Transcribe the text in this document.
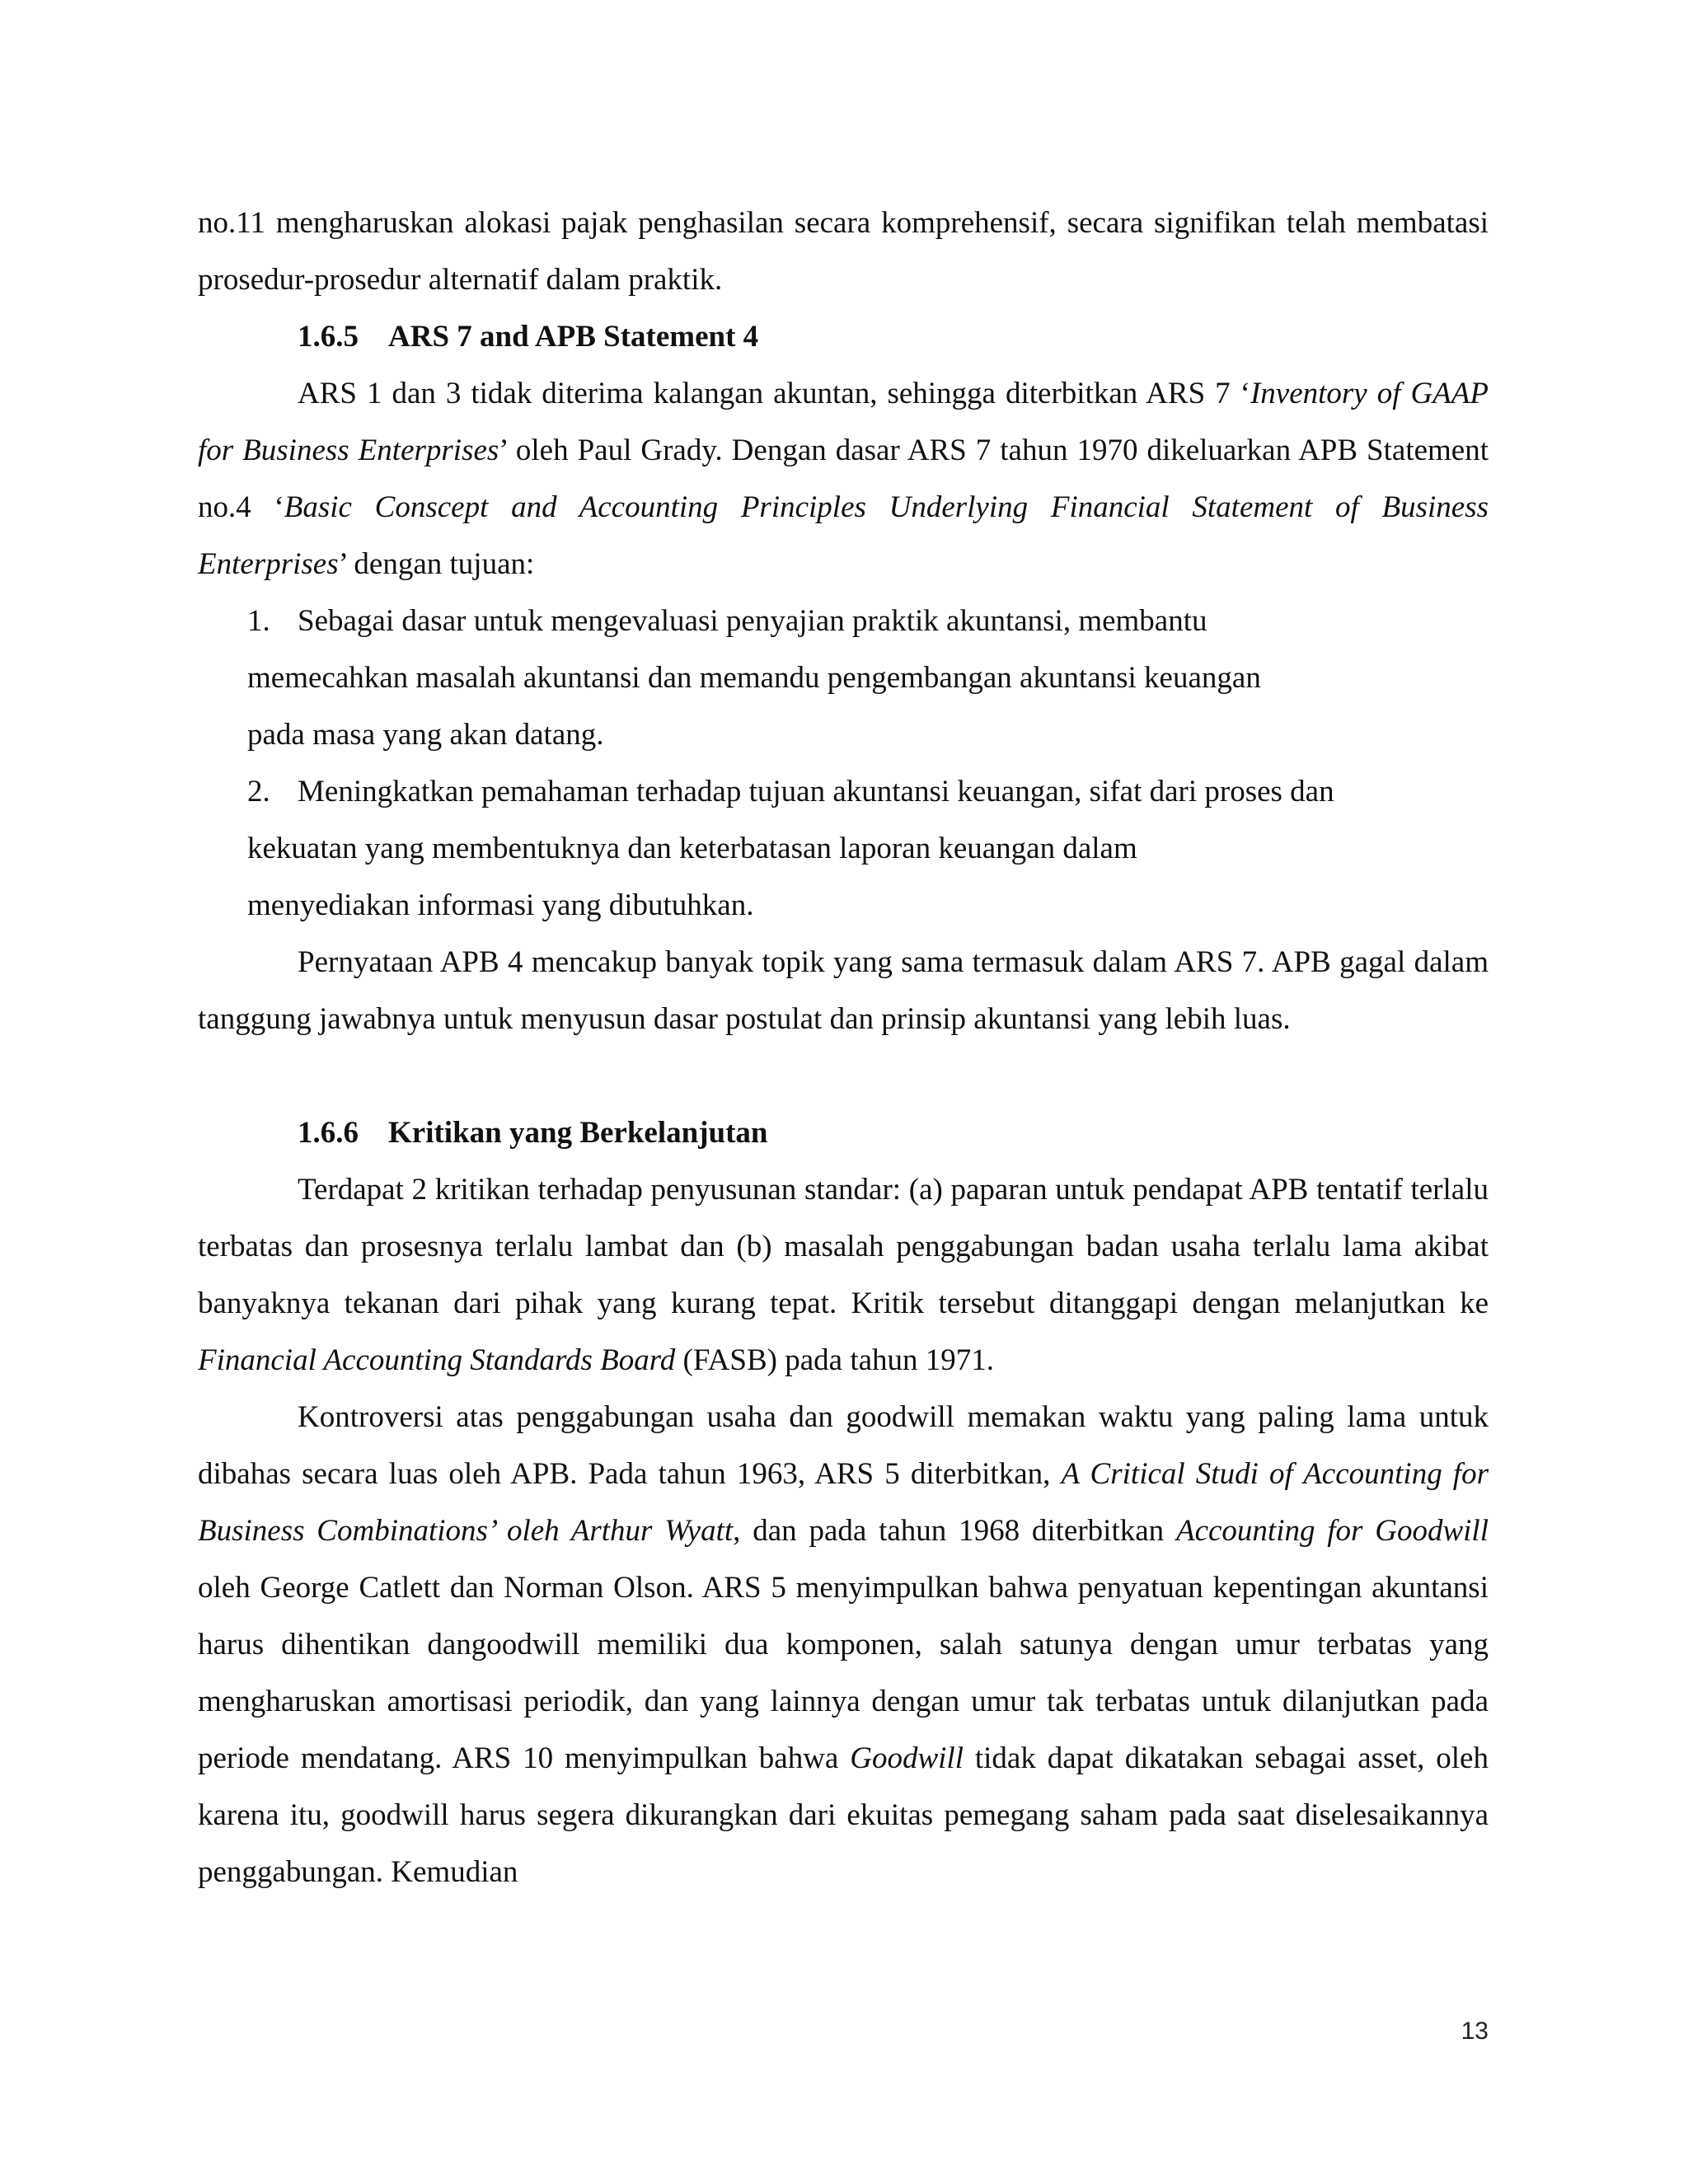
no.11 mengharuskan alokasi pajak penghasilan secara komprehensif, secara signifikan telah membatasi prosedur-prosedur alternatif dalam praktik.

1.6.5 ARS 7 and APB Statement 4

ARS 1 dan 3 tidak diterima kalangan akuntan, sehingga diterbitkan ARS 7 ‘Inventory of GAAP for Business Enterprises’ oleh Paul Grady. Dengan dasar ARS 7 tahun 1970 dikeluarkan APB Statement no.4 ‘Basic Conscept and Accounting Principles Underlying Financial Statement of Business Enterprises’ dengan tujuan:

1. Sebagai dasar untuk mengevaluasi penyajian praktik akuntansi, membantu
memecahkan masalah akuntansi dan memandu pengembangan akuntansi keuangan
pada masa yang akan datang.
2. Meningkatkan pemahaman terhadap tujuan akuntansi keuangan, sifat dari proses dan
kekuatan yang membentuknya dan keterbatasan laporan keuangan dalam
menyediakan informasi yang dibutuhkan.

Pernyataan APB 4 mencakup banyak topik yang sama termasuk dalam ARS 7. APB gagal dalam tanggung jawabnya untuk menyusun dasar postulat dan prinsip akuntansi yang lebih luas.

1.6.6 Kritikan yang Berkelanjutan

Terdapat 2 kritikan terhadap penyusunan standar: (a) paparan untuk pendapat APB tentatif terlalu terbatas dan prosesnya terlalu lambat dan (b) masalah penggabungan badan usaha terlalu lama akibat banyaknya tekanan dari pihak yang kurang tepat. Kritik tersebut ditanggapi dengan melanjutkan ke Financial Accounting Standards Board (FASB) pada tahun 1971.

Kontroversi atas penggabungan usaha dan goodwill memakan waktu yang paling lama untuk dibahas secara luas oleh APB. Pada tahun 1963, ARS 5 diterbitkan, A Critical Studi of Accounting for Business Combinations’ oleh Arthur Wyatt, dan pada tahun 1968 diterbitkan Accounting for Goodwill oleh George Catlett dan Norman Olson. ARS 5 menyimpulkan bahwa penyatuan kepentingan akuntansi harus dihentikan dangoodwill memiliki dua komponen, salah satunya dengan umur terbatas yang mengharuskan amortisasi periodik, dan yang lainnya dengan umur tak terbatas untuk dilanjutkan pada periode mendatang. ARS 10 menyimpulkan bahwa Goodwill tidak dapat dikatakan sebagai asset, oleh karena itu, goodwill harus segera dikurangkan dari ekuitas pemegang saham pada saat diselesaikannya penggabungan. Kemudian

13
